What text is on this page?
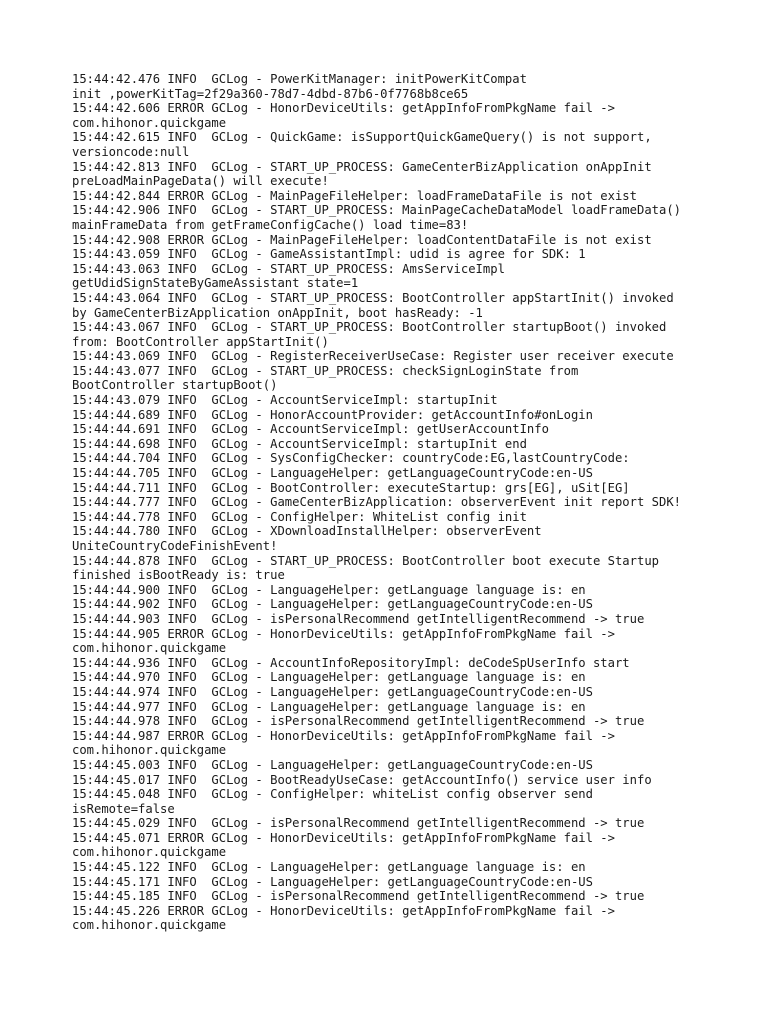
15:44:42.476 INFO  GCLog - PowerKitManager: initPowerKitCompat
init ,powerKitTag=2f29a360-78d7-4dbd-87b6-0f7768b8ce65
15:44:42.606 ERROR GCLog - HonorDeviceUtils: getAppInfoFromPkgName fail ->
com.hihonor.quickgame
15:44:42.615 INFO  GCLog - QuickGame: isSupportQuickGameQuery() is not support,
versioncode:null
15:44:42.813 INFO  GCLog - START_UP_PROCESS: GameCenterBizApplication onAppInit
preLoadMainPageData() will execute!
15:44:42.844 ERROR GCLog - MainPageFileHelper: loadFrameDataFile is not exist
15:44:42.906 INFO  GCLog - START_UP_PROCESS: MainPageCacheDataModel loadFrameData()
mainFrameData from getFrameConfigCache() load time=83!
15:44:42.908 ERROR GCLog - MainPageFileHelper: loadContentDataFile is not exist
15:44:43.059 INFO  GCLog - GameAssistantImpl: udid is agree for SDK: 1
15:44:43.063 INFO  GCLog - START_UP_PROCESS: AmsServiceImpl
getUdidSignStateByGameAssistant state=1
15:44:43.064 INFO  GCLog - START_UP_PROCESS: BootController appStartInit() invoked
by GameCenterBizApplication onAppInit, boot hasReady: -1
15:44:43.067 INFO  GCLog - START_UP_PROCESS: BootController startupBoot() invoked
from: BootController appStartInit()
15:44:43.069 INFO  GCLog - RegisterReceiverUseCase: Register user receiver execute
15:44:43.077 INFO  GCLog - START_UP_PROCESS: checkSignLoginState from
BootController startupBoot()
15:44:43.079 INFO  GCLog - AccountServiceImpl: startupInit
15:44:44.689 INFO  GCLog - HonorAccountProvider: getAccountInfo#onLogin
15:44:44.691 INFO  GCLog - AccountServiceImpl: getUserAccountInfo
15:44:44.698 INFO  GCLog - AccountServiceImpl: startupInit end
15:44:44.704 INFO  GCLog - SysConfigChecker: countryCode:EG,lastCountryCode:
15:44:44.705 INFO  GCLog - LanguageHelper: getLanguageCountryCode:en-US
15:44:44.711 INFO  GCLog - BootController: executeStartup: grs[EG], uSit[EG]
15:44:44.777 INFO  GCLog - GameCenterBizApplication: observerEvent init report SDK!
15:44:44.778 INFO  GCLog - ConfigHelper: WhiteList config init
15:44:44.780 INFO  GCLog - XDownloadInstallHelper: observerEvent
UniteCountryCodeFinishEvent!
15:44:44.878 INFO  GCLog - START_UP_PROCESS: BootController boot execute Startup
finished isBootReady is: true
15:44:44.900 INFO  GCLog - LanguageHelper: getLanguage language is: en
15:44:44.902 INFO  GCLog - LanguageHelper: getLanguageCountryCode:en-US
15:44:44.903 INFO  GCLog - isPersonalRecommend getIntelligentRecommend -> true
15:44:44.905 ERROR GCLog - HonorDeviceUtils: getAppInfoFromPkgName fail ->
com.hihonor.quickgame
15:44:44.936 INFO  GCLog - AccountInfoRepositoryImpl: deCodeSpUserInfo start
15:44:44.970 INFO  GCLog - LanguageHelper: getLanguage language is: en
15:44:44.974 INFO  GCLog - LanguageHelper: getLanguageCountryCode:en-US
15:44:44.977 INFO  GCLog - LanguageHelper: getLanguage language is: en
15:44:44.978 INFO  GCLog - isPersonalRecommend getIntelligentRecommend -> true
15:44:44.987 ERROR GCLog - HonorDeviceUtils: getAppInfoFromPkgName fail ->
com.hihonor.quickgame
15:44:45.003 INFO  GCLog - LanguageHelper: getLanguageCountryCode:en-US
15:44:45.017 INFO  GCLog - BootReadyUseCase: getAccountInfo() service user info
15:44:45.048 INFO  GCLog - ConfigHelper: whiteList config observer send
isRemote=false
15:44:45.029 INFO  GCLog - isPersonalRecommend getIntelligentRecommend -> true
15:44:45.071 ERROR GCLog - HonorDeviceUtils: getAppInfoFromPkgName fail ->
com.hihonor.quickgame
15:44:45.122 INFO  GCLog - LanguageHelper: getLanguage language is: en
15:44:45.171 INFO  GCLog - LanguageHelper: getLanguageCountryCode:en-US
15:44:45.185 INFO  GCLog - isPersonalRecommend getIntelligentRecommend -> true
15:44:45.226 ERROR GCLog - HonorDeviceUtils: getAppInfoFromPkgName fail ->
com.hihonor.quickgame
